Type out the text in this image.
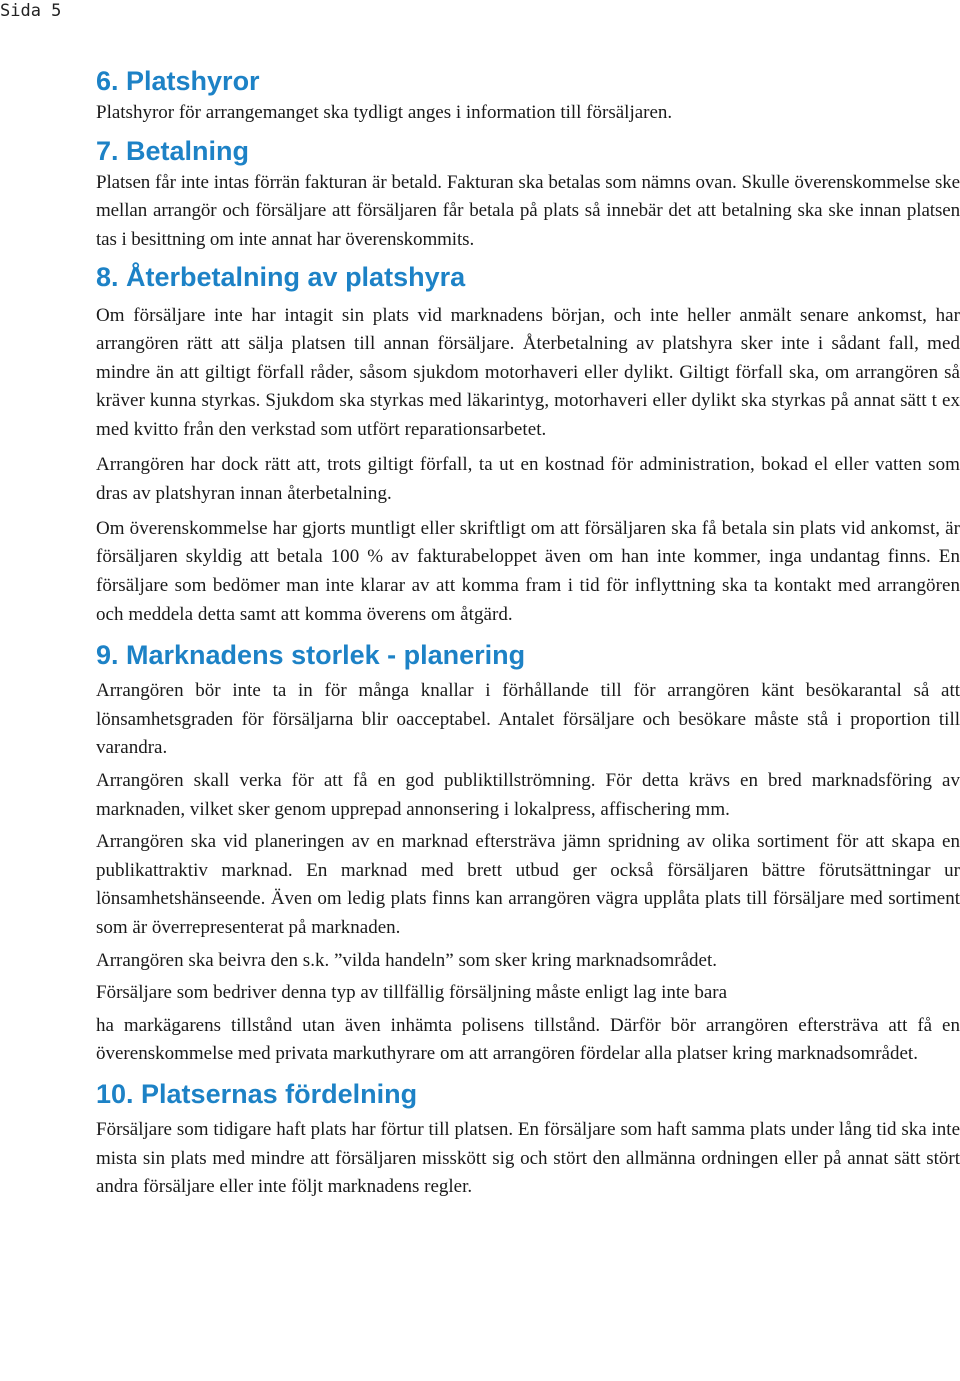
Sida 5
6. Platshyror

Platshyror för arrangemanget ska tydligt anges i information till försäljaren.

7. Betalning

Platsen får inte intas förrän fakturan är betald. Fakturan ska betalas som nämns ovan. Skulle överenskommelse ske mellan arrangör och försäljare att försäljaren får betala på plats så innebär det att betalning ska ske innan platsen tas i besittning om inte annat har överenskommits.

8. Återbetalning av platshyra

Om försäljare inte har intagit sin plats vid marknadens början, och inte heller anmält senare ankomst, har arrangören rätt att sälja platsen till annan försäljare. Återbetalning av platshyra sker inte i sådant fall, med mindre än att giltigt förfall råder, såsom sjukdom motorhaveri eller dylikt. Giltigt förfall ska, om arrangören så kräver kunna styrkas. Sjukdom ska styrkas med läkarintyg, motorhaveri eller dylikt ska styrkas på annat sätt t ex med kvitto från den verkstad som utfört reparationsarbetet.

Arrangören har dock rätt att, trots giltigt förfall, ta ut en kostnad för administration, bokad el eller vatten som dras av platshyran innan återbetalning.

Om överenskommelse har gjorts muntligt eller skriftligt om att försäljaren ska få betala sin plats vid ankomst, är försäljaren skyldig att betala 100 % av fakturabeloppet även om han inte kommer, inga undantag finns. En försäljare som bedömer man inte klarar av att komma fram i tid för inflyttning ska ta kontakt med arrangören och meddela detta samt att komma överens om åtgärd.

9. Marknadens storlek - planering

Arrangören bör inte ta in för många knallar i förhållande till för arrangören känt besökarantal så att lönsamhetsgraden för försäljarna blir oacceptabel. Antalet försäljare och besökare måste stå i proportion till varandra.

Arrangören skall verka för att få en god publiktillströmning. För detta krävs en bred marknadsföring av marknaden, vilket sker genom upprepad annonsering i lokalpress, affischering mm.

Arrangören ska vid planeringen av en marknad eftersträva jämn spridning av olika sortiment för att skapa en publikattraktiv marknad. En marknad med brett utbud ger också försäljaren bättre förutsättningar ur lönsamhetshänseende. Även om ledig plats finns kan arrangören vägra upplåta plats till försäljare med sortiment som är överrepresenterat på marknaden.

Arrangören ska beivra den s.k. ”vilda handeln” som sker kring marknadsområdet.

Försäljare som bedriver denna typ av tillfällig försäljning måste enligt lag inte bara

ha markägarens tillstånd utan även inhämta polisens tillstånd. Därför bör arrangören eftersträva att få en överenskommelse med privata markuthyrare om att arrangören fördelar alla platser kring marknadsområdet.

10. Platsernas fördelning

Försäljare som tidigare haft plats har förtur till platsen. En försäljare som haft samma plats under lång tid ska inte mista sin plats med mindre att försäljaren misskött sig och stört den allmänna ordningen eller på annat sätt stört andra försäljare eller inte följt marknadens regler.
